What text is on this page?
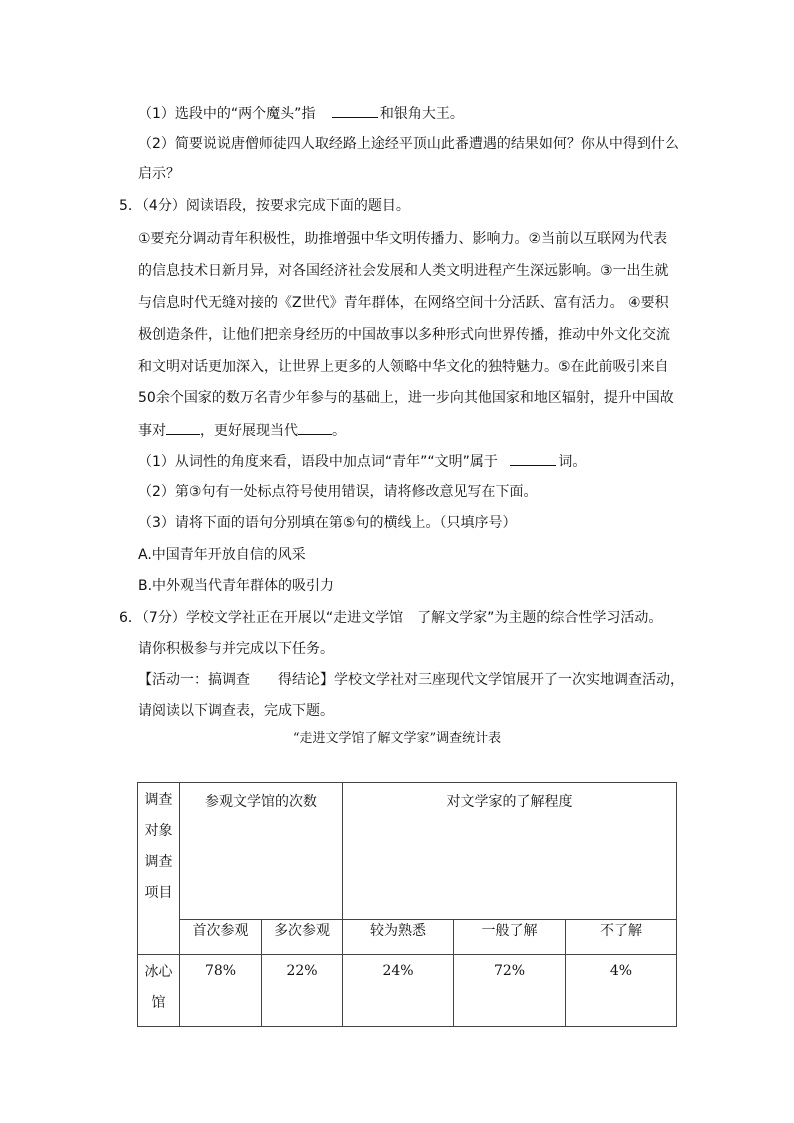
（1）选段中的“两个魔头”指	和银角大王。
（2）简要说说唐僧师徒四人取经路上途经平顶山此番遭遇的结果如何？你从中得到什么
启示？
5．（4分）阅读语段，按要求完成下面的题目。
①要充分调动青年积极性，助推增强中华文明传播力、影响力。②当前以互联网为代表
的信息技术日新月异，对各国经济社会发展和人类文明进程产生深远影响。③一出生就
与信息时代无缝对接的《Z世代》青年群体，在网络空间十分活跃、富有活力。 ④要积
极创造条件，让他们把亲身经历的中国故事以多种形式向世界传播，推动中外文化交流
和文明对话更加深入，让世界上更多的人领略中华文化的独特魅力。⑤在此前吸引来自
50余个国家的数万名青少年参与的基础上，进一步向其他国家和地区辐射，提升中国故
事对 ，更好展现当代 。
（1）从词性的角度来看，语段中加点词“青年”“文明”属于	词。
（2）第③句有一处标点符号使用错误，请将修改意见写在下面。
（3）请将下面的语句分别填在第⑤句的横线上。（只填序号）
A.中国青年开放自信的风采
B.中外观当代青年群体的吸引力
6．（7分）学校文学社正在开展以“走进文学馆　了解文学家”为主题的综合性学习活动。
请你积极参与并完成以下任务。
【活动一：搞调查　　得结论】学校文学社对三座现代文学馆展开了一次实地调查活动，
请阅读以下调查表，完成下题。
“走进文学馆了解文学家”调查统计表
调查
对象
调查
项目	参观文学馆的次数		对文学家的了解程度		
	首次参观	多次参观	较为熟悉	一般了解	不了解

冰心
馆	78%	22%	24%	72%	4%
